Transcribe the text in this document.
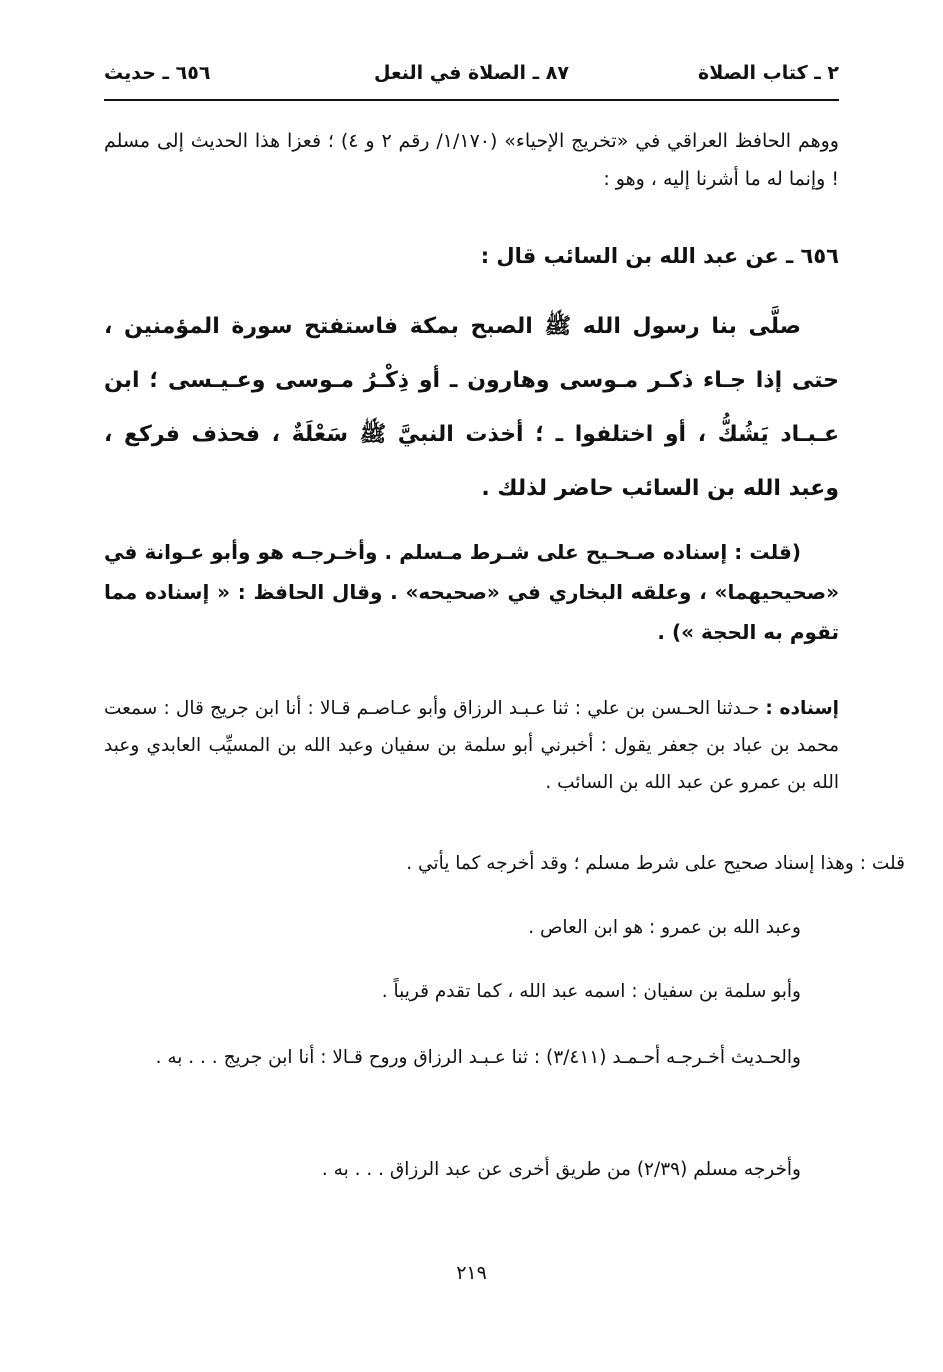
٢ ـ كتاب الصلاة
٨٧ ـ الصلاة في النعل
٦٥٦ ـ حديث
ووهم الحافظ العراقي في «تخريج الإحياء» (١/١٧٠/ رقم ٢ و ٤) ؛ فعزا هذا الحديث إلى مسلم ! وإنما له ما أشرنا إليه ، وهو :
٦٥٦ ـ عن عبد الله بن السائب قال :
صلَّى بنا رسول الله ﷺ الصبح بمكة فاستفتح سورة المؤمنين ، حتى إذا جـاء ذكـر مـوسى وهارون ـ أو ذِكْـرُ مـوسى وعـيـسى ؛ ابن عـبـاد يَشُكُّ ، أو اختلفوا ـ ؛ أخذت النبيَّ ﷺ سَعْلَةٌ ، فحذف فركع ، وعبد الله بن السائب حاضر لذلك .
(قلت : إسناده صـحـيح على شـرط مـسلم . وأخـرجـه هو وأبو عـوانة في «صحيحيهما» ، وعلقه البخاري في «صحيحه» . وقال الحافظ : « إسناده مما تقوم به الحجة ») .
إسناده : حـدثنا الحـسن بن علي : ثنا عـبـد الرزاق وأبو عـاصـم قـالا : أنا ابن جريج قال : سمعت محمد بن عباد بن جعفر يقول : أخبرني أبو سلمة بن سفيان وعبد الله بن المسيِّب العابدي وعبد الله بن عمرو عن عبد الله بن السائب .
قلت : وهذا إسناد صحيح على شرط مسلم ؛ وقد أخرجه كما يأتي .
وعبد الله بن عمرو : هو ابن العاص .
وأبو سلمة بن سفيان : اسمه عبد الله ، كما تقدم قريباً .
والحـديث أخـرجـه أحـمـد (٣/٤١١) : ثنا عـبـد الرزاق وروح قـالا : أنا ابن جريج . . . به .
وأخرجه مسلم (٢/٣٩) من طريق أخرى عن عبد الرزاق . . . به .
٢١٩
